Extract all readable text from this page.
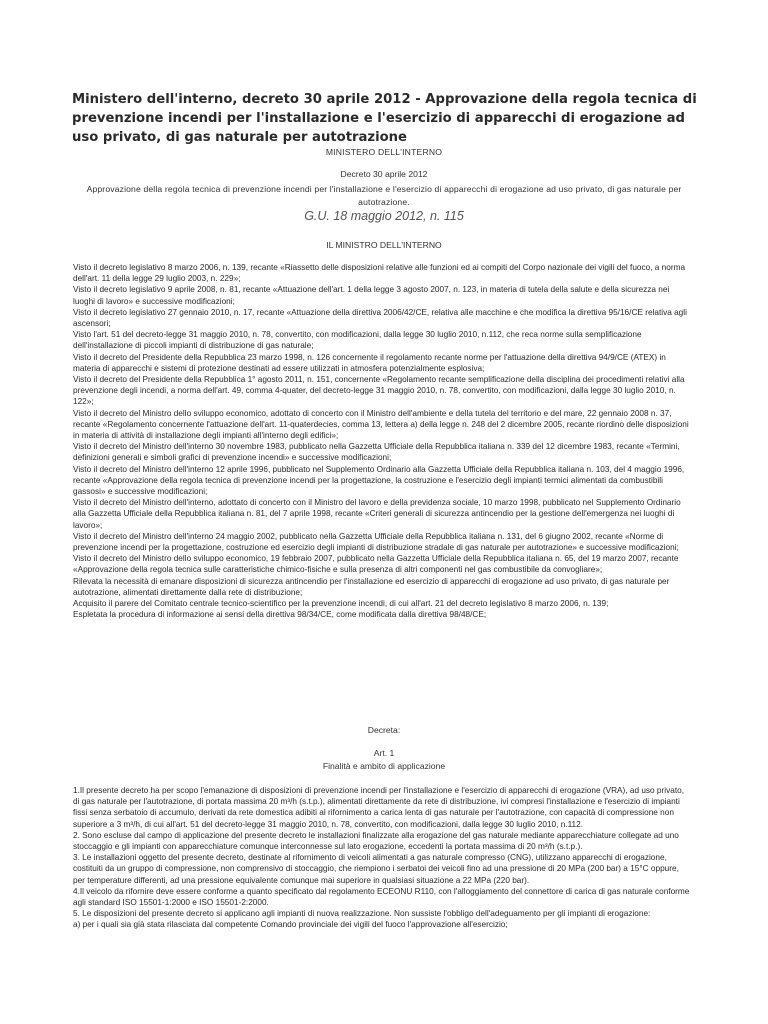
Ministero dell'interno, decreto 30 aprile 2012 - Approvazione della regola tecnica di prevenzione incendi per l'installazione e l'esercizio di apparecchi di erogazione ad uso privato, di gas naturale per autotrazione
MINISTERO DELL'INTERNO
Decreto 30 aprile 2012
Approvazione della regola tecnica di prevenzione incendi per l'installazione e l'esercizio di apparecchi di erogazione ad uso privato, di gas naturale per autotrazione.
G.U. 18 maggio 2012, n. 115
IL MINISTRO DELL'INTERNO

Visto il decreto legislativo 8 marzo 2006, n. 139, recante «Riassetto delle disposizioni relative alle funzioni ed ai compiti del Corpo nazionale dei vigili del fuoco, a norma dell'art. 11 della legge 29 luglio 2003, n. 229»;

Visto il decreto legislativo 9 aprile 2008, n. 81, recante «Attuazione dell'art. 1 della legge 3 agosto 2007, n. 123, in materia di tutela della salute e della sicurezza nei luoghi di lavoro» e successive modificazioni;

Visto il decreto legislativo 27 gennaio 2010, n. 17, recante «Attuazione della direttiva 2006/42/CE, relativa alle macchine e che modifica la direttiva 95/16/CE relativa agli ascensori;

Visto l'art. 51 del decreto-legge 31 maggio 2010, n. 78, convertito, con modificazioni, dalla legge 30 luglio 2010, n.112, che reca norme sulla semplificazione dell'installazione di piccoli impianti di distribuzione di gas naturale;

Visto il decreto del Presidente della Repubblica 23 marzo 1998, n. 126 concernente il regolamento recante norme per l'attuazione della direttiva 94/9/CE (ATEX) in materia di apparecchi e sistemi di protezione destinati ad essere utilizzati in atmosfera potenzialmente esplosiva;

Visto il decreto del Presidente della Repubblica 1° agosto 2011, n. 151, concernente «Regolamento recante semplificazione della disciplina dei procedimenti relativi alla prevenzione degli incendi, a norma dell'art. 49, comma 4-quater, del decreto-legge 31 maggio 2010, n. 78, convertito, con modificazioni, dalla legge 30 luglio 2010, n. 122»;

Visto il decreto del Ministro dello sviluppo economico, adottato di concerto con il Ministro dell'ambiente e della tutela del territorio e del mare, 22 gennaio 2008 n. 37, recante «Regolamento concernente l'attuazione dell'art. 11-quaterdecies, comma 13, lettera a) della legge n. 248 del 2 dicembre 2005, recante riordino delle disposizioni in materia di attività di installazione degli impianti all'interno degli edifici»;

Visto il decreto del Ministro dell'interno 30 novembre 1983, pubblicato nella Gazzetta Ufficiale della Repubblica italiana n. 339 del 12 dicembre 1983, recante «Termini, definizioni generali e simboli grafici di prevenzione incendi» e successive modificazioni;

Visto il decreto del Ministro dell'interno 12 aprile 1996, pubblicato nel Supplemento Ordinario alla Gazzetta Ufficiale della Repubblica italiana n. 103, del 4 maggio 1996, recante «Approvazione della regola tecnica di prevenzione incendi per la progettazione, la costruzione e l'esercizio degli impianti termici alimentati da combustibili gassosi» e successive modificazioni;

Visto il decreto del Ministro dell'interno, adottato di concerto con il Ministro del lavoro e della previdenza sociale, 10 marzo 1998, pubblicato nel Supplemento Ordinario alla Gazzetta Ufficiale della Repubblica italiana n. 81, del 7 aprile 1998, recante «Criteri generali di sicurezza antincendio per la gestione dell'emergenza nei luoghi di lavoro»;

Visto il decreto del Ministro dell'interno 24 maggio 2002, pubblicato nella Gazzetta Ufficiale della Repubblica italiana n. 131, del 6 giugno 2002, recante «Norme di prevenzione incendi per la progettazione, costruzione ed esercizio degli impianti di distribuzione stradale di gas naturale per autotrazione» e successive modificazioni;

Visto il decreto del Ministro dello sviluppo economico, 19 febbraio 2007, pubblicato nella Gazzetta Ufficiale della Repubblica italiana n. 65, del 19 marzo 2007, recante «Approvazione della regola tecnica sulle caratteristiche chimico-fisiche e sulla presenza di altri componenti nel gas combustibile da convogliare»;

Rilevata la necessità di emanare disposizioni di sicurezza antincendio per l'installazione ed esercizio di apparecchi di erogazione ad uso privato, di gas naturale per autotrazione, alimentati direttamente dalla rete di distribuzione;

Acquisito il parere del Comitato centrale tecnico-scientifico per la prevenzione incendi, di cui all'art. 21 del decreto legislativo 8 marzo 2006, n. 139;

Espletata la procedura di informazione ai sensi della direttiva 98/34/CE, come modificata dalla direttiva 98/48/CE;

Decreta:
Art. 1
Finalità e ambito di applicazione

1.Il presente decreto ha per scopo l'emanazione di disposizioni di prevenzione incendi per l'installazione e l'esercizio di apparecchi di erogazione (VRA), ad uso privato, di gas naturale per l'autotrazione, di portata massima 20 m³/h (s.t.p.), alimentati direttamente da rete di distribuzione, ivi compresi l'installazione e l'esercizio di impianti fissi senza serbatoio di accumulo, derivati da rete domestica adibiti al rifornimento a carica lenta di gas naturale per l'autotrazione, con capacità di compressione non superiore a 3 m³/h, di cui all'art. 51 del decreto-legge 31 maggio 2010, n. 78, convertito, con modificazioni, dalla legge 30 luglio 2010, n.112.

2. Sono escluse dal campo di applicazione del presente decreto le installazioni finalizzate alla erogazione del gas naturale mediante apparecchiature collegate ad uno stoccaggio e gli impianti con apparecchiature comunque interconnesse sul lato erogazione, eccedenti la portata massima di 20 m³/h (s.t.p.).

3. Le installazioni oggetto del presente decreto, destinate al rifornimento di veicoli alimentati a gas naturale compresso (CNG), utilizzano apparecchi di erogazione, costituiti da un gruppo di compressione, non comprensivo di stoccaggio, che riempiono i serbatoi dei veicoli fino ad una pressione di 20 MPa (200 bar) a 15°C oppure, per temperature differenti, ad una pressione equivalente comunque mai superiore in qualsiasi situazione a 22 MPa (220 bar).

4.Il veicolo da rifornire deve essere conforme a quanto specificato dal regolamento ECEONU R110, con l'alloggiamento del connettore di carica di gas naturale conforme agli standard ISO 15501-1:2000 e ISO 15501-2:2000.

5. Le disposizioni del presente decreto si applicano agli impianti di nuova realizzazione. Non sussiste l'obbligo dell'adeguamento per gli impianti di erogazione:

a) per i quali sia già stata rilasciata dal competente Comando provinciale dei vigili del fuoco l'approvazione all'esercizio;
